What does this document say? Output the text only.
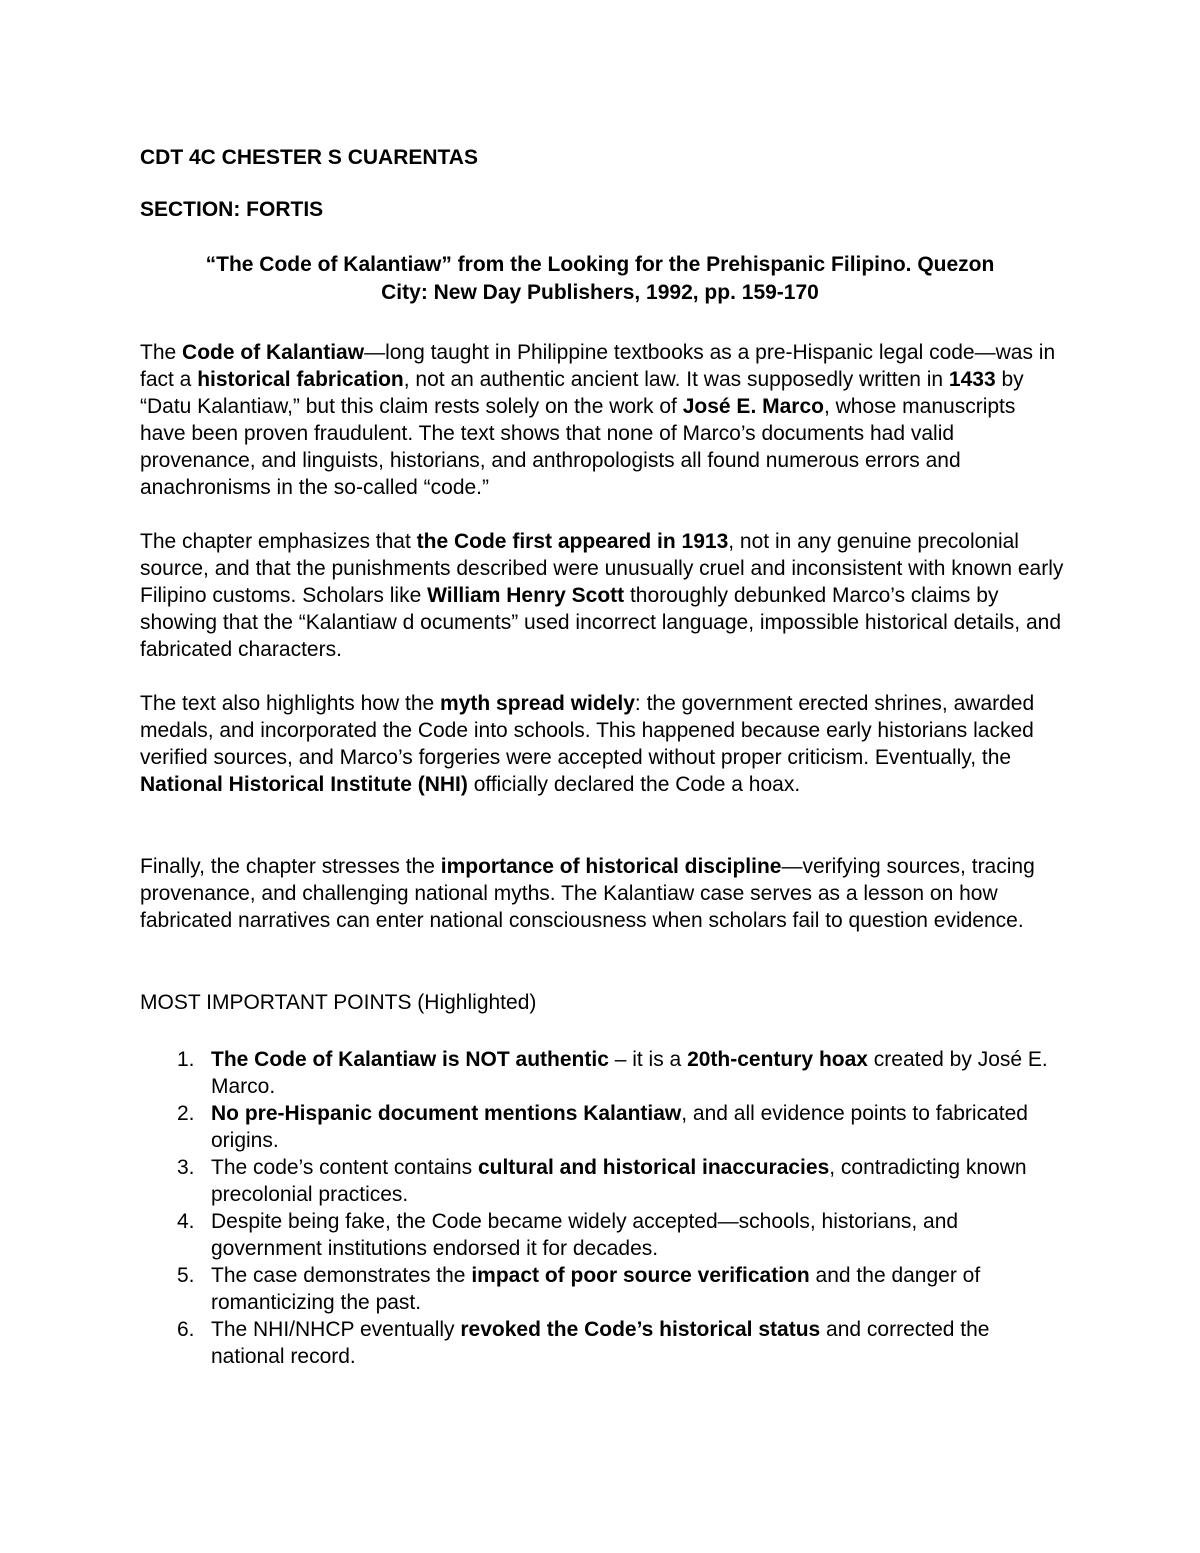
CDT 4C CHESTER S CUARENTAS
SECTION: FORTIS
“The Code of Kalantiaw” from the Looking for the Prehispanic Filipino. Quezon
City: New Day Publishers, 1992, pp. 159-170

The Code of Kalantiaw—long taught in Philippine textbooks as a pre-Hispanic legal code—was in fact a historical fabrication, not an authentic ancient law. It was supposedly written in 1433 by “Datu Kalantiaw,” but this claim rests solely on the work of José E. Marco, whose manuscripts have been proven fraudulent. The text shows that none of Marco’s documents had valid provenance, and linguists, historians, and anthropologists all found numerous errors and anachronisms in the so-called “code.”

The chapter emphasizes that the Code first appeared in 1913, not in any genuine precolonial source, and that the punishments described were unusually cruel and inconsistent with known early Filipino customs. Scholars like William Henry Scott thoroughly debunked Marco’s claims by showing that the “Kalantiaw d ocuments” used incorrect language, impossible historical details, and fabricated characters.

The text also highlights how the myth spread widely: the government erected shrines, awarded medals, and incorporated the Code into schools. This happened because early historians lacked verified sources, and Marco’s forgeries were accepted without proper criticism. Eventually, the National Historical Institute (NHI) officially declared the Code a hoax.

Finally, the chapter stresses the importance of historical discipline—verifying sources, tracing provenance, and challenging national myths. The Kalantiaw case serves as a lesson on how fabricated narratives can enter national consciousness when scholars fail to question evidence.

MOST IMPORTANT POINTS (Highlighted)
1. The Code of Kalantiaw is NOT authentic – it is a 20th-century hoax created by José E. Marco.
2. No pre-Hispanic document mentions Kalantiaw, and all evidence points to fabricated origins.
3. The code’s content contains cultural and historical inaccuracies, contradicting known precolonial practices.
4. Despite being fake, the Code became widely accepted—schools, historians, and government institutions endorsed it for decades.
5. The case demonstrates the impact of poor source verification and the danger of romanticizing the past.
6. The NHI/NHCP eventually revoked the Code’s historical status and corrected the national record.
